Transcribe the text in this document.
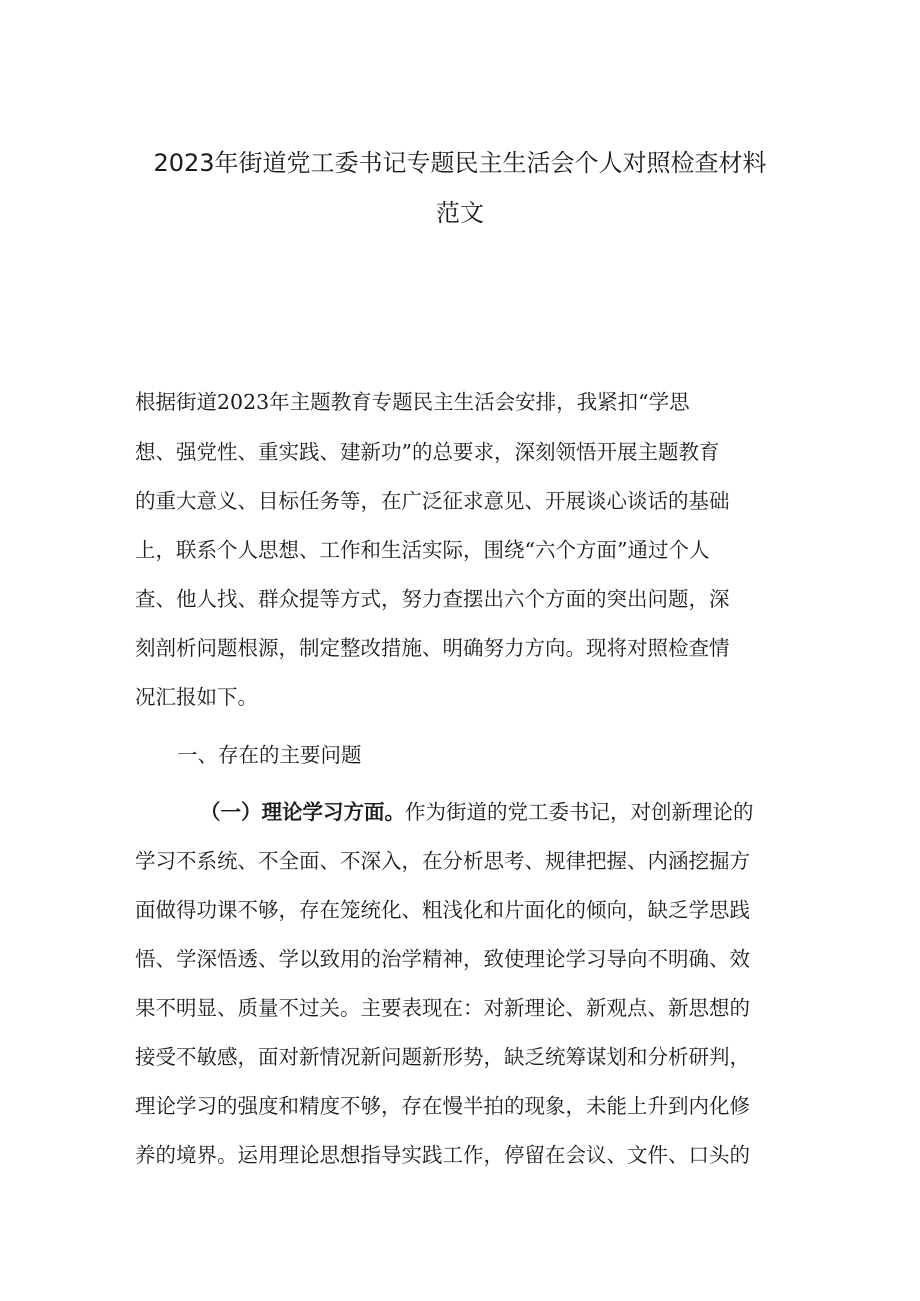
2023年街道党工委书记专题民主生活会个人对照检查材料
范文
根据街道2023年主题教育专题民主生活会安排，我紧扣“学思
想、强党性、重实践、建新功”的总要求，深刻领悟开展主题教育
的重大意义、目标任务等，在广泛征求意见、开展谈心谈话的基础
上，联系个人思想、工作和生活实际，围绕“六个方面”通过个人
查、他人找、群众提等方式，努力查摆出六个方面的突出问题，深
刻剖析问题根源，制定整改措施、明确努力方向。现将对照检查情
况汇报如下。
一、存在的主要问题
（一）理论学习方面。作为街道的党工委书记，对创新理论的
学习不系统、不全面、不深入，在分析思考、规律把握、内涵挖掘方
面做得功课不够，存在笼统化、粗浅化和片面化的倾向，缺乏学思践
悟、学深悟透、学以致用的治学精神，致使理论学习导向不明确、效
果不明显、质量不过关。主要表现在：对新理论、新观点、新思想的
接受不敏感，面对新情况新问题新形势，缺乏统筹谋划和分析研判，
理论学习的强度和精度不够，存在慢半拍的现象，未能上升到内化修
养的境界。运用理论思想指导实践工作，停留在会议、文件、口头的
